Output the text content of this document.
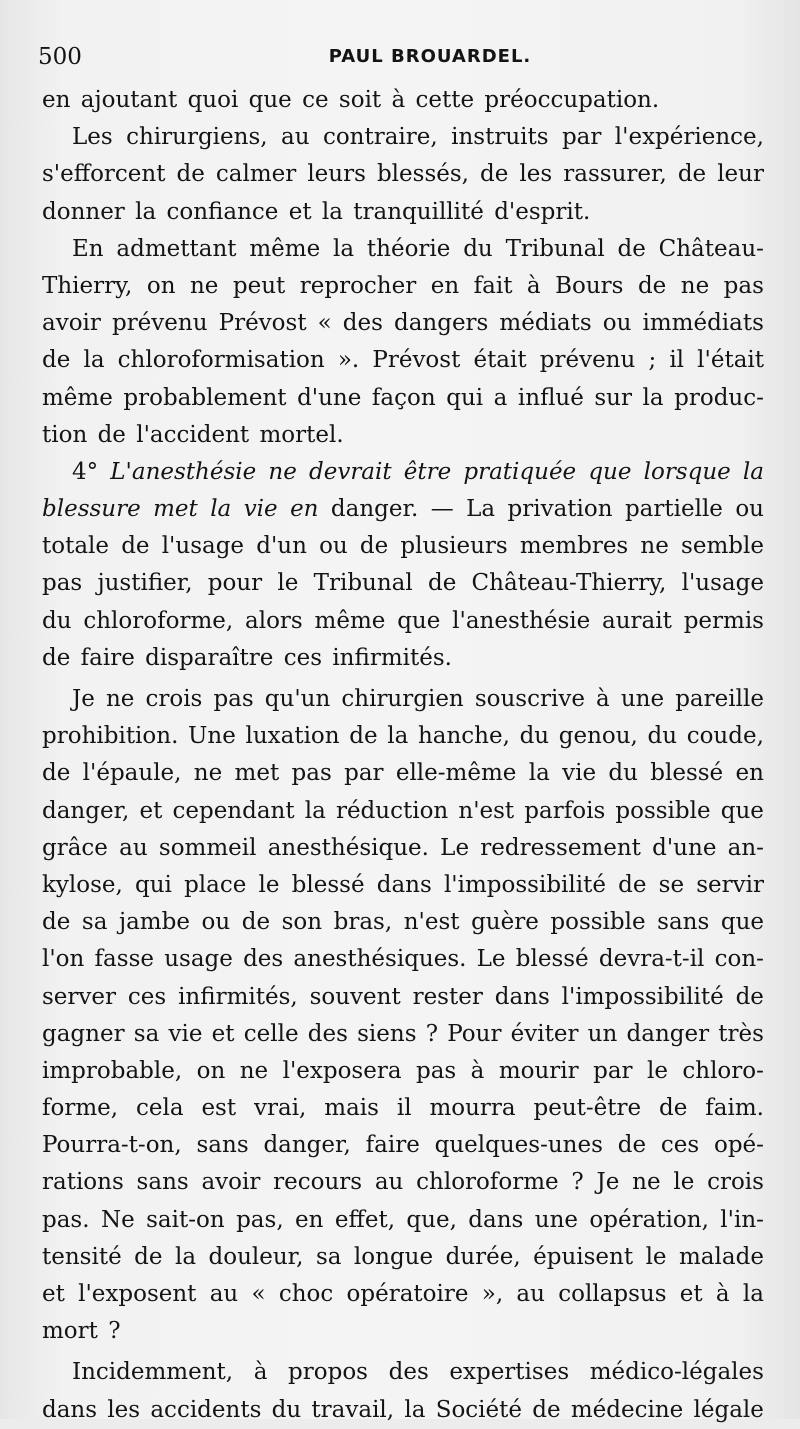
500	PAUL BROUARDEL.
en
ajoutant
quoi
que
ce
soit
à
cette
préoccupation.
Les chirurgiens, au contraire, instruits par l'expérience,
s'efforcent de calmer leurs blessés, de les rassurer, de leur
donner
la
confiance
et
la
tranquillité
d'esprit.
En admettant même la théorie du Tribunal de Château-
Thierry, on ne peut reprocher en fait à Bours de ne pas
avoir prévenu Prévost « des dangers médiats ou immédiats
de la chloroformisation ». Prévost était prévenu ; il l'était
même probablement d'une façon qui a influé sur la produc-
tion
de
l'accident
mortel.
4° L'anesthésie ne devrait être pratiquée que lorsque la
blessure met la vie en danger. — La privation partielle ou
totale de l'usage d'un ou de plusieurs membres ne semble
pas justifier, pour le Tribunal de Château-Thierry, l'usage
du chloroforme, alors même que l'anesthésie aurait permis
de
faire
disparaître
ces
infirmités.
Je ne crois pas qu'un chirurgien souscrive à une pareille
prohibition. Une luxation de la hanche, du genou, du coude,
de l'épaule, ne met pas par elle-même la vie du blessé en
danger, et cependant la réduction n'est parfois possible que
grâce au sommeil anesthésique. Le redressement d'une an-
kylose, qui place le blessé dans l'impossibilité de se servir
de sa jambe ou de son bras, n'est guère possible sans que
l'on fasse usage des anesthésiques. Le blessé devra-t-il con-
server ces infirmités, souvent rester dans l'impossibilité de
gagner sa vie et celle des siens ? Pour éviter un danger très
improbable, on ne l'exposera pas à mourir par le chloro-
forme, cela est vrai, mais il mourra peut-être de faim.
Pourra-t-on, sans danger, faire quelques-unes de ces opé-
rations sans avoir recours au chloroforme ? Je ne le crois
pas. Ne sait-on pas, en effet, que, dans une opération, l'in-
tensité de la douleur, sa longue durée, épuisent le malade
et l'exposent au « choc opératoire », au collapsus et à la
mort
?
Incidemment, à propos des expertises médico-légales
dans les accidents du travail, la Société de médecine légale
